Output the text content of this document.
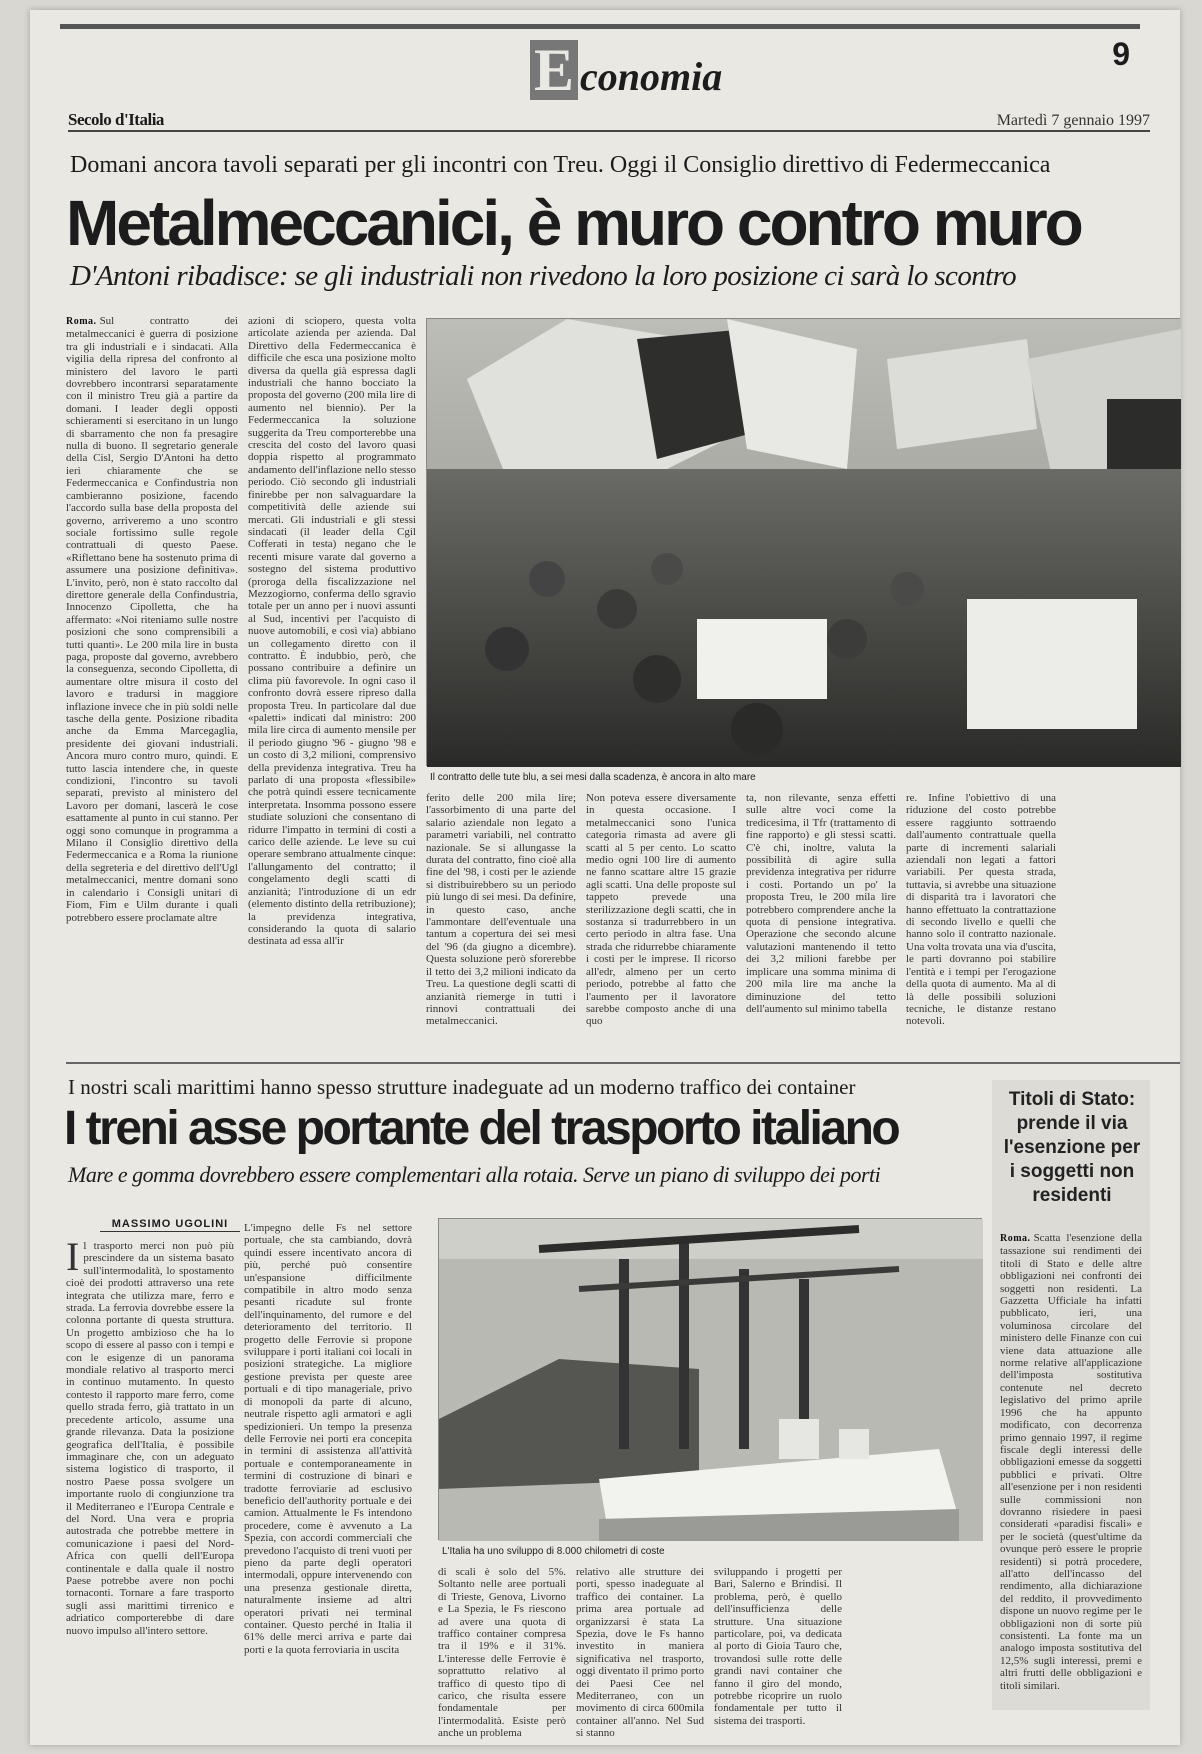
E conomia	9
Secolo d'Italia	Martedì 7 gennaio 1997
Domani ancora tavoli separati per gli incontri con Treu. Oggi il Consiglio direttivo di Federmeccanica
Metalmeccanici, è muro contro muro
D'Antoni ribadisce: se gli industriali non rivedono la loro posizione ci sarà lo scontro
Roma. Sul contratto dei metalmeccanici è guerra di posizione tra gli industriali e i sindacati. Alla vigilia della ripresa del confronto al ministero del lavoro le parti dovrebbero incontrarsi separatamente con il ministro Treu già a partire da domani. I leader degli opposti schieramenti si esercitano in un lungo di sbarramento che non fa presagire nulla di buono. Il segretario generale della Cisl, Sergio D'Antoni ha detto ieri chiaramente che se Federmeccanica e Confindustria non cambieranno posizione, facendo l'accordo sulla base della proposta del governo, arriveremo a uno scontro sociale fortissimo sulle regole contrattuali di questo Paese. «Riflettano bene ha sostenuto prima di assumere una posizione definitiva». L'invito, però, non è stato raccolto dal direttore generale della Confindustria, Innocenzo Cipolletta, che ha affermato: «Noi riteniamo sulle nostre posizioni che sono comprensibili a tutti quanti». Le 200 mila lire in busta paga, proposte dal governo, avrebbero la conseguenza, secondo Cipolletta, di aumentare oltre misura il costo del lavoro e tradursi in maggiore inflazione invece che in più soldi nelle tasche della gente. Posizione ribadita anche da Emma Marcegaglia, presidente dei giovani industriali. Ancora muro contro muro, quindi. E tutto lascia intendere che, in queste condizioni, l'incontro su tavoli separati, previsto al ministero del Lavoro per domani, lascerà le cose esattamente al punto in cui stanno. Per oggi sono comunque in programma a Milano il Consiglio direttivo della Federmeccanica e a Roma la riunione della segreteria e del direttivo dell'Ugl metalmeccanici, mentre domani sono in calendario i Consigli unitari di Fiom, Fim e Uilm durante i quali potrebbero essere proclamate altre
azioni di sciopero, questa volta articolate azienda per azienda. Dal Direttivo della Federmeccanica è difficile che esca una posizione molto diversa da quella già espressa dagli industriali che hanno bocciato la proposta del governo (200 mila lire di aumento nel biennio). Per la Federmeccanica la soluzione suggerita da Treu comporterebbe una crescita del costo del lavoro quasi doppia rispetto al programmato andamento dell'inflazione nello stesso periodo. Ciò secondo gli industriali finirebbe per non salvaguardare la competitività delle aziende sui mercati. Gli industriali e gli stessi sindacati (il leader della Cgil Cofferati in testa) negano che le recenti misure varate dal governo a sostegno del sistema produttivo (proroga della fiscalizzazione nel Mezzogiorno, conferma dello sgravio totale per un anno per i nuovi assunti al Sud, incentivi per l'acquisto di nuove automobili, e così via) abbiano un collegamento diretto con il contratto. È indubbio, però, che possano contribuire a definire un clima più favorevole. In ogni caso il confronto dovrà essere ripreso dalla proposta Treu. In particolare dal due «paletti» indicati dal ministro: 200 mila lire circa di aumento mensile per il periodo giugno '96 - giugno '98 e un costo di 3,2 milioni, comprensivo della previdenza integrativa. Treu ha parlato di una proposta «flessibile» che potrà quindi essere tecnicamente interpretata. Insomma possono essere studiate soluzioni che consentano di ridurre l'impatto in termini di costi a carico delle aziende. Le leve su cui operare sembrano attualmente cinque: l'allungamento del contratto; il congelamento degli scatti di anzianità; l'introduzione di un edr (elemento distinto della retribuzione); la previdenza integrativa, considerando la quota di salario destinata ad essa all'ir
Il contratto delle tute blu, a sei mesi dalla scadenza, è ancora in alto mare
ferito delle 200 mila lire; l'assorbimento di una parte del salario aziendale non legato a parametri variabili, nel contratto nazionale. Se si allungasse la durata del contratto, fino cioè alla fine del '98, i costi per le aziende si distribuirebbero su un periodo più lungo di sei mesi. Da definire, in questo caso, anche l'ammontare dell'eventuale una tantum a copertura dei sei mesi del '96 (da giugno a dicembre). Questa soluzione però sforerebbe il tetto dei 3,2 milioni indicato da Treu. La questione degli scatti di anzianità riemerge in tutti i rinnovi contrattuali dei metalmeccanici.
Non poteva essere diversamente in questa occasione. I metalmeccanici sono l'unica categoria rimasta ad avere gli scatti al 5 per cento. Lo scatto medio ogni 100 lire di aumento ne fanno scattare altre 15 grazie agli scatti. Una delle proposte sul tappeto prevede una sterilizzazione degli scatti, che in sostanza si tradurrebbero in un certo periodo in altra fase. Una strada che ridurrebbe chiaramente i costi per le imprese. Il ricorso all'edr, almeno per un certo periodo, potrebbe al fatto che l'aumento per il lavoratore sarebbe composto anche di una quo
ta, non rilevante, senza effetti sulle altre voci come la tredicesima, il Tfr (trattamento di fine rapporto) e gli stessi scatti. C'è chi, inoltre, valuta la possibilità di agire sulla previdenza integrativa per ridurre i costi. Portando un po' la proposta Treu, le 200 mila lire potrebbero comprendere anche la quota di pensione integrativa. Operazione che secondo alcune valutazioni mantenendo il tetto dei 3,2 milioni farebbe per implicare una somma minima di 200 mila lire ma anche la diminuzione del tetto dell'aumento sul minimo tabella
re. Infine l'obiettivo di una riduzione del costo potrebbe essere raggiunto sottraendo dall'aumento contrattuale quella parte di incrementi salariali aziendali non legati a fattori variabili. Per questa strada, tuttavia, si avrebbe una situazione di disparità tra i lavoratori che hanno effettuato la contrattazione di secondo livello e quelli che hanno solo il contratto nazionale. Una volta trovata una via d'uscita, le parti dovranno poi stabilire l'entità e i tempi per l'erogazione della quota di aumento. Ma al di là delle possibili soluzioni tecniche, le distanze restano notevoli.
I nostri scali marittimi hanno spesso strutture inadeguate ad un moderno traffico dei container
I treni asse portante del trasporto italiano
Mare e gomma dovrebbero essere complementari alla rotaia. Serve un piano di sviluppo dei porti
MASSIMO UGOLINI
Il trasporto merci non può più prescindere da un sistema basato sull'intermodalità, lo spostamento cioè dei prodotti attraverso una rete integrata che utilizza mare, ferro e strada. La ferrovia dovrebbe essere la colonna portante di questa struttura. Un progetto ambizioso che ha lo scopo di essere al passo con i tempi e con le esigenze di un panorama mondiale relativo al trasporto merci in continuo mutamento. In questo contesto il rapporto mare ferro, come quello strada ferro, già trattato in un precedente articolo, assume una grande rilevanza. Data la posizione geografica dell'Italia, è possibile immaginare che, con un adeguato sistema logistico di trasporto, il nostro Paese possa svolgere un importante ruolo di congiunzione tra il Mediterraneo e l'Europa Centrale e del Nord. Una vera e propria autostrada che potrebbe mettere in comunicazione i paesi del Nord-Africa con quelli dell'Europa continentale e dalla quale il nostro Paese potrebbe avere non pochi tornaconti. Tornare a fare trasporto sugli assi marittimi tirrenico e adriatico comporterebbe di dare nuovo impulso all'intero settore.
L'impegno delle Fs nel settore portuale, che sta cambiando, dovrà quindi essere incentivato ancora di più, perché può consentire un'espansione difficilmente compatibile in altro modo senza pesanti ricadute sul fronte dell'inquinamento, del rumore e del deterioramento del territorio. Il progetto delle Ferrovie si propone sviluppare i porti italiani coi locali in posizioni strategiche. La migliore gestione prevista per queste aree portuali e di tipo manageriale, privo di monopoli da parte di alcuno, neutrale rispetto agli armatori e agli spedizionieri. Un tempo la presenza delle Ferrovie nei porti era concepita in termini di assistenza all'attività portuale e contemporaneamente in termini di costruzione di binari e tradotte ferroviarie ad esclusivo beneficio dell'authority portuale e dei camion. Attualmente le Fs intendono procedere, come è avvenuto a La Spezia, con accordi commerciali che prevedono l'acquisto di treni vuoti per pieno da parte degli operatori intermodali, oppure intervenendo con una presenza gestionale diretta, naturalmente insieme ad altri operatori privati nei terminal container. Questo perché in Italia il 61% delle merci arriva e parte dai porti e la quota ferroviaria in uscita
L'Italia ha uno sviluppo di 8.000 chilometri di coste
di scali è solo del 5%. Soltanto nelle aree portuali di Trieste, Genova, Livorno e La Spezia, le Fs riescono ad avere una quota di traffico container compresa tra il 19% e il 31%. L'interesse delle Ferrovie è soprattutto relativo al traffico di questo tipo di carico, che risulta essere fondamentale per l'intermodalità. Esiste però anche un problema
relativo alle strutture dei porti, spesso inadeguate al traffico dei container. La prima area portuale ad organizzarsi è stata La Spezia, dove le Fs hanno investito in maniera significativa nel trasporto, oggi diventato il primo porto dei Paesi Cee nel Mediterraneo, con un movimento di circa 600mila container all'anno. Nel Sud si stanno
sviluppando i progetti per Bari, Salerno e Brindisi. Il problema, però, è quello dell'insufficienza delle strutture. Una situazione particolare, poi, va dedicata al porto di Gioia Tauro che, trovandosi sulle rotte delle grandi navi container che fanno il giro del mondo, potrebbe ricoprire un ruolo fondamentale per tutto il sistema dei trasporti.
Titoli di Stato: prende il via l'esenzione per i soggetti non residenti
Roma. Scatta l'esenzione della tassazione sui rendimenti dei titoli di Stato e delle altre obbligazioni nei confronti dei soggetti non residenti. La Gazzetta Ufficiale ha infatti pubblicato, ieri, una voluminosa circolare del ministero delle Finanze con cui viene data attuazione alle norme relative all'applicazione dell'imposta sostitutiva contenute nel decreto legislativo del primo aprile 1996 che ha appunto modificato, con decorrenza primo gennaio 1997, il regime fiscale degli interessi delle obbligazioni emesse da soggetti pubblici e privati. Oltre all'esenzione per i non residenti sulle commissioni non dovranno risiedere in paesi considerati «paradisi fiscali» e per le società (quest'ultime da ovunque però essere le proprie residenti) si potrà procedere, all'atto dell'incasso del rendimento, alla dichiarazione del reddito, il provvedimento dispone un nuovo regime per le obbligazioni non di sorte più consistenti. La fonte ma un analogo imposta sostitutiva del 12,5% sugli interessi, premi e altri frutti delle obbligazioni e titoli similari.
